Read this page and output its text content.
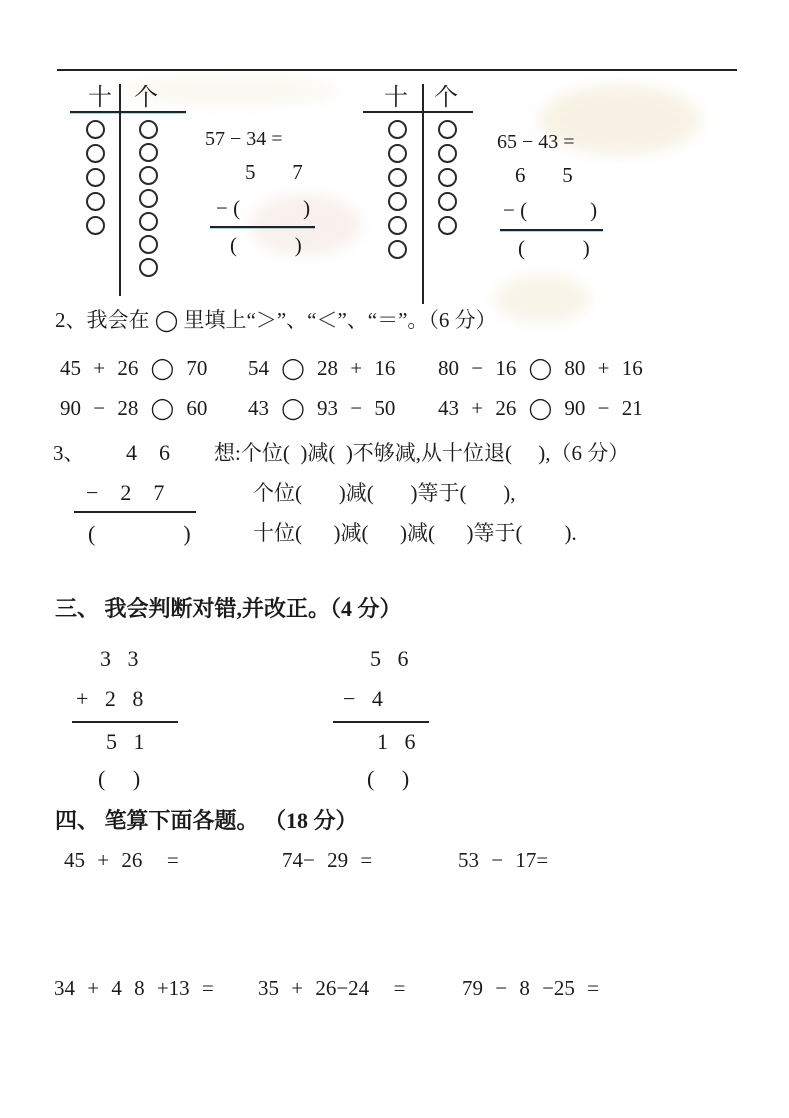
十 个
57 − 34 =
5       7
− (            )
(           )
十 个
65 − 43 =
6       5
− (            )
(           )
2、我会在 ◯ 里填上“＞”、“＜”、“＝”。（6 分）
45 + 26 ◯ 70 54 ◯ 28 + 16 80 − 16 ◯ 80 + 16
90 − 28 ◯ 60 43 ◯ 93 − 50 43 + 26 ◯ 90 − 21
3、 4    6
−    2    7
(                )
想:个位(  )减(  )不够减,从十位退(     ),（6 分）
个位(       )减(       )等于(       ),
十位(      )减(      )减(      )等于(        ).
三、 我会判断对错,并改正。（4 分）
3   3
+   2   8
5   1
(     )
5   6
−   4
1   6
(     )
四、 笔算下面各题。 （18 分）
45 + 26  =	74− 29 =	53 − 17=
34 + 4 8 +13 = 35 + 26−24  =	79 − 8 −25 =
